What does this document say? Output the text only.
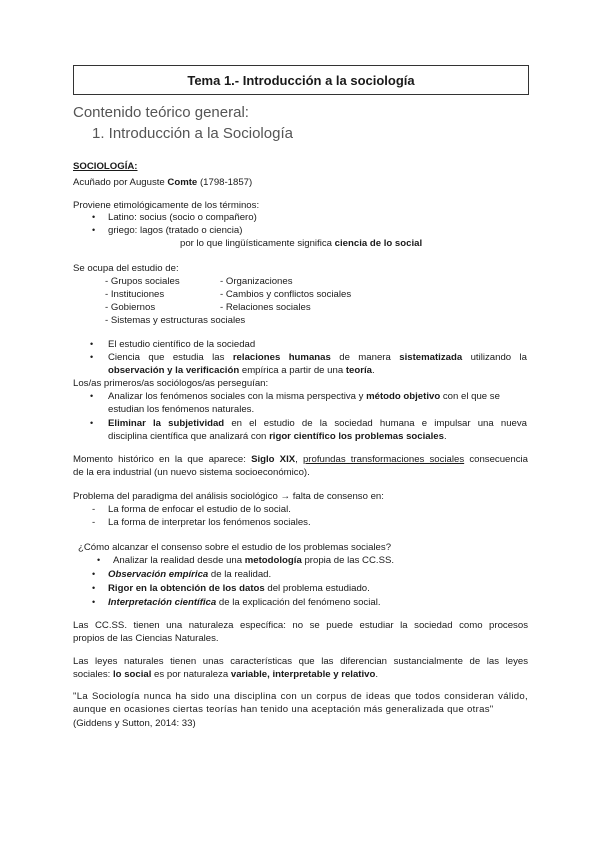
Tema 1.- Introducción a la sociología
Contenido teórico general:
1. Introducción a la Sociología
SOCIOLOGÍA:
Acuñado por Auguste Comte (1798-1857)
Proviene etimológicamente de los términos:
• Latino: socius (socio o compañero)
• griego: lagos (tratado o ciencia)
por lo que lingüísticamente significa ciencia de lo social
Se ocupa del estudio de:
- Grupos sociales
- Instituciones
- Gobiernos
- Sistemas y estructuras sociales
- Organizaciones
- Cambios y conflictos sociales
- Relaciones sociales
• El estudio científico de la sociedad
• Ciencia que estudia las relaciones humanas de manera sistematizada utilizando la
observación y la verificación empírica a partir de una teoría.
Los/as primeros/as sociólogos/as perseguían:
• Analizar los fenómenos sociales con la misma perspectiva y método objetivo con el que se
estudian los fenómenos naturales.
• Eliminar la subjetividad en el estudio de la sociedad humana e impulsar una nueva
disciplina científica que analizará con rigor científico los problemas sociales.
Momento histórico en la que aparece: Siglo XIX, profundas transformaciones sociales consecuencia
de la era industrial (un nuevo sistema socioeconómico).
Problema del paradigma del análisis sociológico → falta de consenso en:
- La forma de enfocar el estudio de lo social.
- La forma de interpretar los fenómenos sociales.
¿Cómo alcanzar el consenso sobre el estudio de los problemas sociales?
• Analizar la realidad desde una metodología propia de las CC.SS.
• Observación empírica de la realidad.
• Rigor en la obtención de los datos del problema estudiado.
• Interpretación científica de la explicación del fenómeno social.
Las CC.SS. tienen una naturaleza específica: no se puede estudiar la sociedad como procesos
propios de las Ciencias Naturales.
Las leyes naturales tienen unas características que las diferencian sustancialmente de las leyes
sociales: lo social es por naturaleza variable, interpretable y relativo.
"La Sociología nunca ha sido una disciplina con un corpus de ideas que todos consideran válido, aunque en ocasiones ciertas teorías han tenido una aceptación más generalizada que otras"
(Giddens y Sutton, 2014: 33)
